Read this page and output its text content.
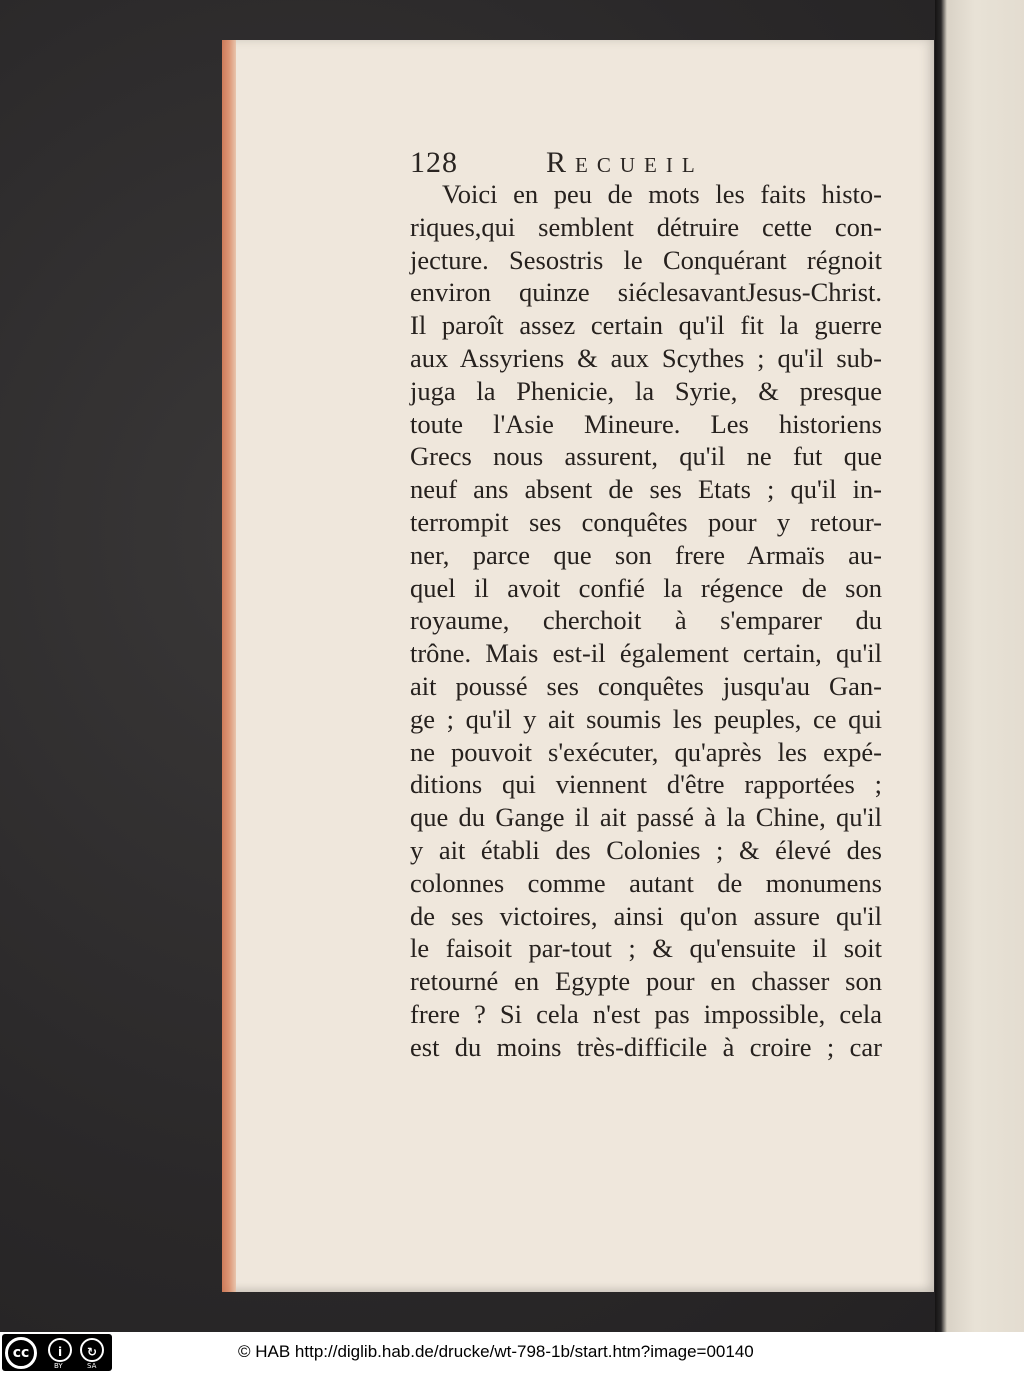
128	Recueil
Voici en peu de mots les faits histo-
riques,qui semblent détruire cette con-
jecture. Sesostris le Conquérant régnoit
environ quinze siéclesavantJesus-Christ.
Il paroît assez certain qu'il fit la guerre
aux Assyriens & aux Scythes ; qu'il sub-
juga la Phenicie, la Syrie, & presque
toute l'Asie Mineure. Les historiens
Grecs nous assurent, qu'il ne fut que
neuf ans absent de ses Etats ; qu'il in-
terrompit ses conquêtes pour y retour-
ner, parce que son frere Armaïs au-
quel il avoit confié la régence de son
royaume, cherchoit à s'emparer du
trône. Mais est-il également certain, qu'il
ait poussé ses conquêtes jusqu'au Gan-
ge ; qu'il y ait soumis les peuples, ce qui
ne pouvoit s'exécuter, qu'après les expé-
ditions qui viennent d'être rapportées ;
que du Gange il ait passé à la Chine, qu'il
y ait établi des Colonies ; & élevé des
colonnes comme autant de monumens
de ses victoires, ainsi qu'on assure qu'il
le faisoit par-tout ; & qu'ensuite il soit
retourné en Egypte pour en chasser son
frere ? Si cela n'est pas impossible, cela
est du moins très-difficile à croire ; car
cc	i	↻
BY	SA
© HAB http://diglib.hab.de/drucke/wt-798-1b/start.htm?image=00140
